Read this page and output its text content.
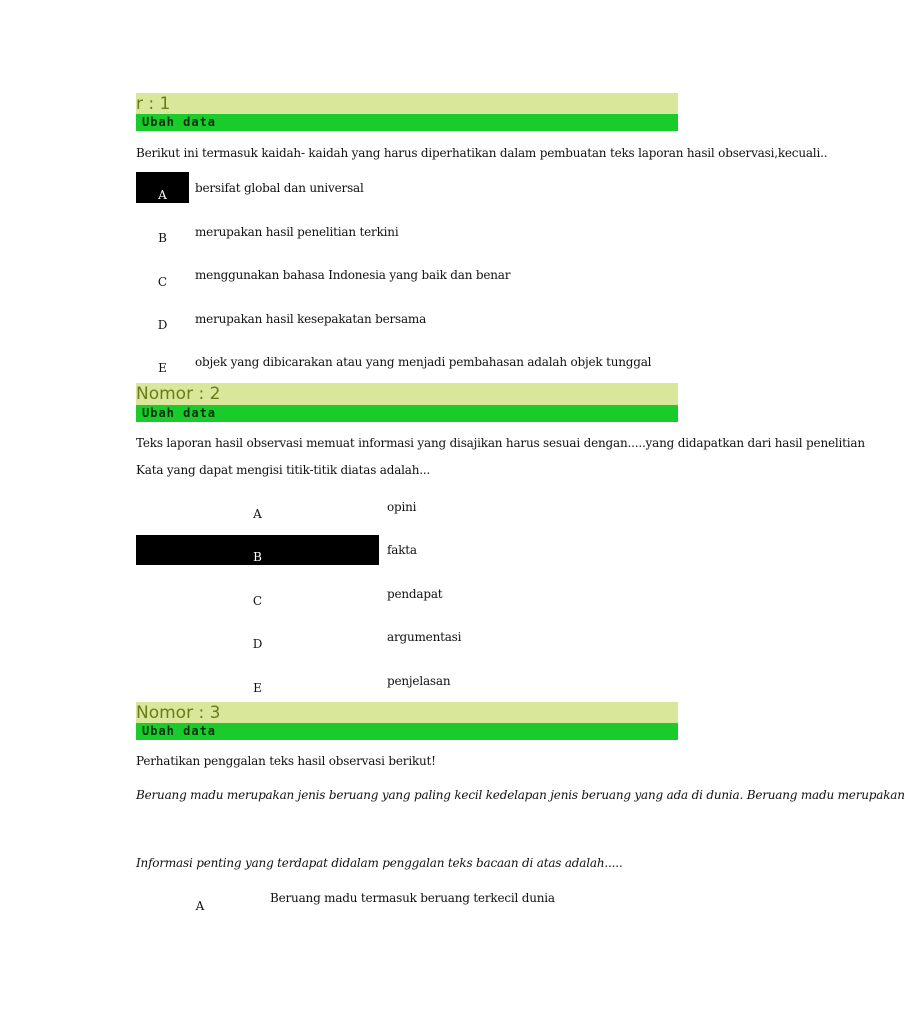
r : 1
Ubah data
Berikut ini termasuk kaidah- kaidah yang harus diperhatikan dalam pembuatan teks laporan hasil observasi,kecuali..
A	bersifat global dan universal
B	merupakan hasil penelitian terkini
C	menggunakan bahasa Indonesia yang baik dan benar
D	merupakan hasil kesepakatan bersama
E	objek yang dibicarakan atau yang menjadi pembahasan adalah objek tunggal
Nomor : 2
Ubah data
Teks laporan hasil observasi memuat informasi yang disajikan harus sesuai dengan.....yang didapatkan dari hasil penelitian
Kata yang dapat mengisi titik-titik diatas adalah...
A	opini
B	fakta
C	pendapat
D	argumentasi
E	penjelasan
Nomor : 3
Ubah data
Perhatikan penggalan teks hasil observasi berikut!
Beruang madu merupakan jenis beruang yang paling kecil kedelapan jenis beruang yang ada di dunia. Beruang madu merupakan
Informasi penting yang terdapat didalam penggalan teks bacaan di atas adalah.....
A
Beruang madu termasuk beruang terkecil dunia
